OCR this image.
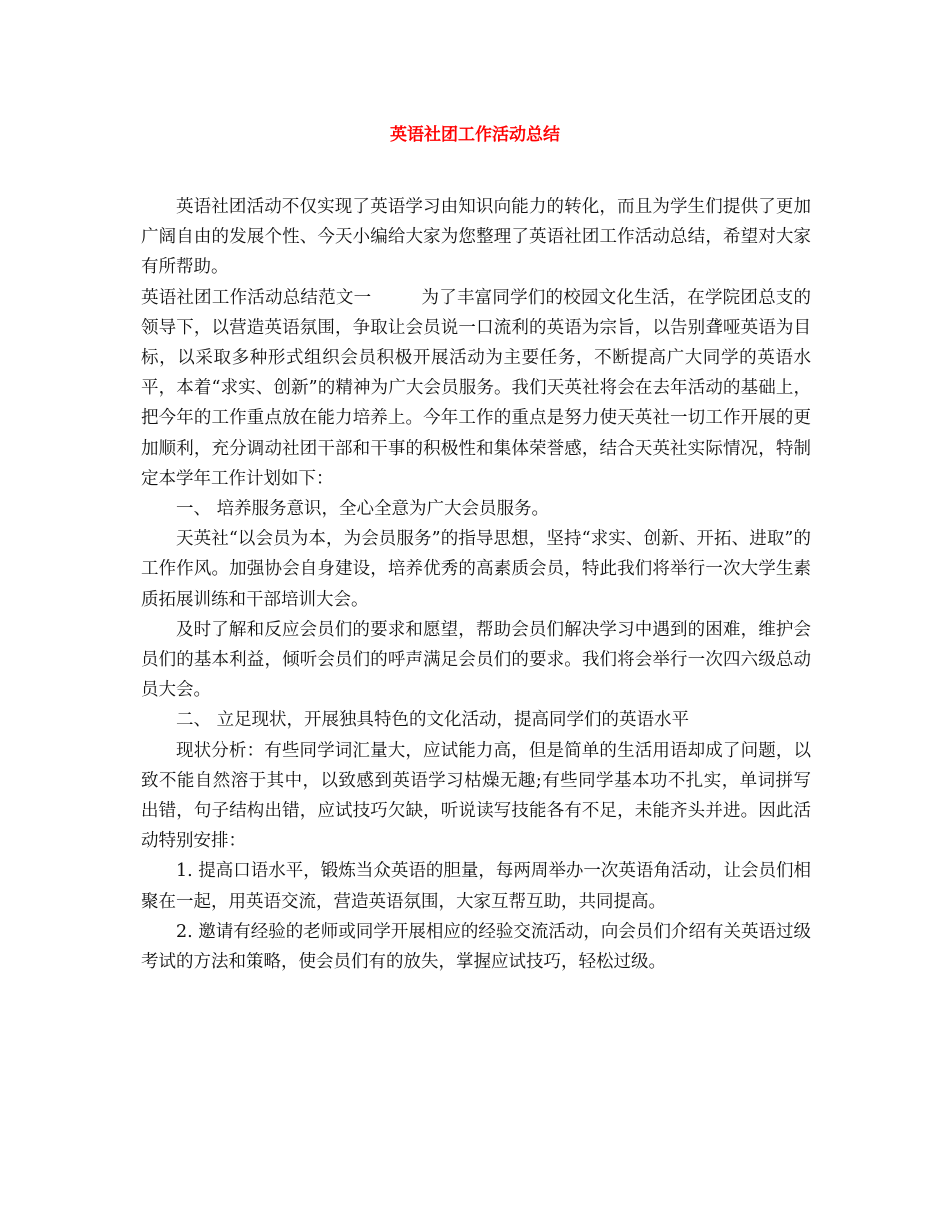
英语社团工作活动总结

英语社团活动不仅实现了英语学习由知识向能力的转化，而且为学生们提供了更加广阔自由的发展个性、今天小编给大家为您整理了英语社团工作活动总结，希望对大家有所帮助。

英语社团工作活动总结范文一	为了丰富同学们的校园文化生活，在学院团总支的领导下，以营造英语氛围，争取让会员说一口流利的英语为宗旨，以告别聋哑英语为目标，以采取多种形式组织会员积极开展活动为主要任务，不断提高广大同学的英语水平，本着“求实、创新”的精神为广大会员服务。我们天英社将会在去年活动的基础上，把今年的工作重点放在能力培养上。今年工作的重点是努力使天英社一切工作开展的更加顺利，充分调动社团干部和干事的积极性和集体荣誉感，结合天英社实际情况，特制定本学年工作计划如下：

一、 培养服务意识，全心全意为广大会员服务。

天英社“以会员为本，为会员服务”的指导思想，坚持“求实、创新、开拓、进取”的工作作风。加强协会自身建设，培养优秀的高素质会员，特此我们将举行一次大学生素质拓展训练和干部培训大会。

及时了解和反应会员们的要求和愿望，帮助会员们解决学习中遇到的困难，维护会员们的基本利益，倾听会员们的呼声满足会员们的要求。我们将会举行一次四六级总动员大会。

二、 立足现状，开展独具特色的文化活动，提高同学们的英语水平

现状分析：有些同学词汇量大，应试能力高，但是简单的生活用语却成了问题，以致不能自然溶于其中，以致感到英语学习枯燥无趣;有些同学基本功不扎实，单词拼写出错，句子结构出错，应试技巧欠缺，听说读写技能各有不足，未能齐头并进。因此活动特别安排：

1. 提高口语水平，锻炼当众英语的胆量，每两周举办一次英语角活动，让会员们相聚在一起，用英语交流，营造英语氛围，大家互帮互助，共同提高。

2. 邀请有经验的老师或同学开展相应的经验交流活动，向会员们介绍有关英语过级考试的方法和策略，使会员们有的放失，掌握应试技巧，轻松过级。
